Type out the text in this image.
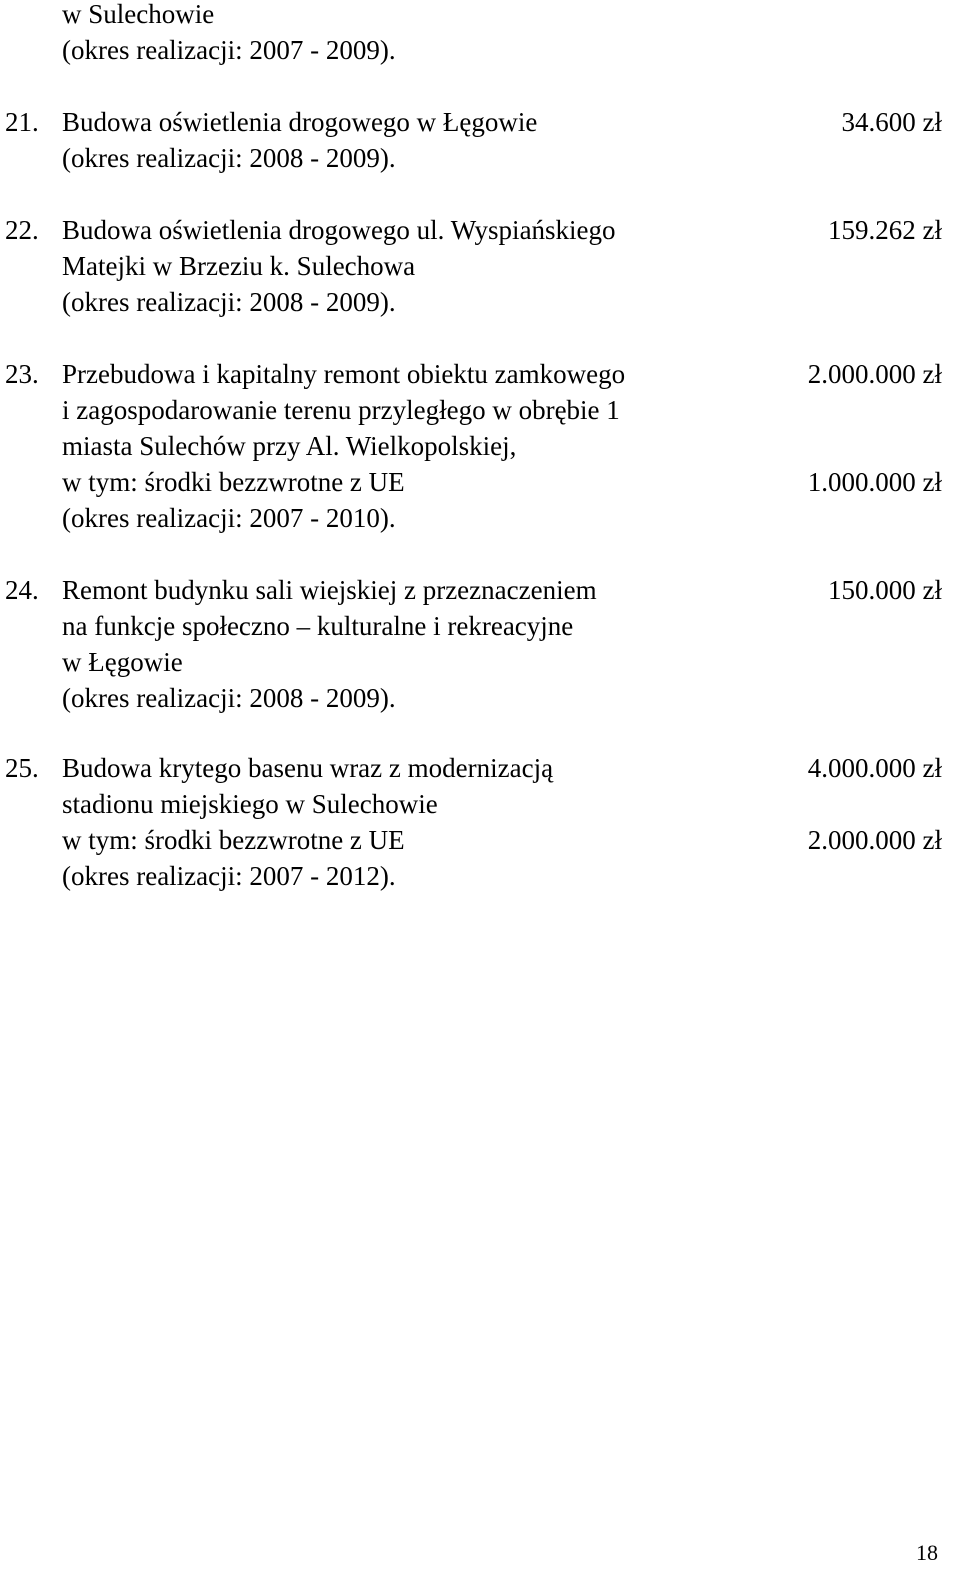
w Sulechowie
(okres realizacji: 2007 - 2009).
21. Budowa oświetlenia drogowego w Łęgowie	34.600 zł
(okres realizacji: 2008 - 2009).
22. Budowa oświetlenia drogowego ul. Wyspiańskiego	159.262 zł
Matejki w Brzeziu k. Sulechowa
(okres realizacji: 2008 - 2009).
23. Przebudowa i kapitalny remont obiektu zamkowego	2.000.000 zł
i zagospodarowanie terenu przyległego w obrębie 1
miasta Sulechów przy Al. Wielkopolskiej,
w tym: środki bezzwrotne z UE	1.000.000 zł
(okres realizacji: 2007 - 2010).
24. Remont budynku sali wiejskiej z przeznaczeniem	150.000 zł
na funkcje społeczno – kulturalne i rekreacyjne
w Łęgowie
(okres realizacji: 2008 - 2009).
25. Budowa krytego basenu wraz z modernizacją	4.000.000 zł
stadionu miejskiego w Sulechowie
w tym: środki bezzwrotne z UE	2.000.000 zł
(okres realizacji: 2007 - 2012).
18
